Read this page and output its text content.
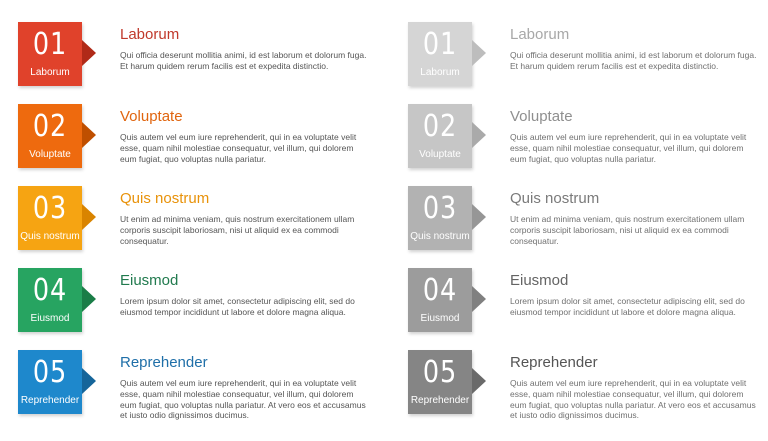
01
Laborum
Laborum
Qui officia deserunt mollitia animi, id est laborum et dolorum fuga. Et harum quidem rerum facilis est et expedita distinctio.
02
Voluptate
Voluptate
Quis autem vel eum iure reprehenderit, qui in ea voluptate velit esse, quam nihil molestiae consequatur, vel illum, qui dolorem eum fugiat, quo voluptas nulla pariatur.
03
Quis nostrum
Quis nostrum
Ut enim ad minima veniam, quis nostrum exercitationem ullam corporis suscipit laboriosam, nisi ut aliquid ex ea commodi consequatur.
04
Eiusmod
Eiusmod
Lorem ipsum dolor sit amet, consectetur adipiscing elit, sed do eiusmod tempor incididunt ut labore et dolore magna aliqua.
05
Reprehender
Reprehender
Quis autem vel eum iure reprehenderit, qui in ea voluptate velit esse, quam nihil molestiae consequatur, vel illum, qui dolorem eum fugiat, quo voluptas nulla pariatur. At vero eos et accusamus et iusto odio dignissimos ducimus.
01
Laborum
Laborum
Qui officia deserunt mollitia animi, id est laborum et dolorum fuga. Et harum quidem rerum facilis est et expedita distinctio.
02
Voluptate
Voluptate
Quis autem vel eum iure reprehenderit, qui in ea voluptate velit esse, quam nihil molestiae consequatur, vel illum, qui dolorem eum fugiat, quo voluptas nulla pariatur.
03
Quis nostrum
Quis nostrum
Ut enim ad minima veniam, quis nostrum exercitationem ullam corporis suscipit laboriosam, nisi ut aliquid ex ea commodi consequatur.
04
Eiusmod
Eiusmod
Lorem ipsum dolor sit amet, consectetur adipiscing elit, sed do eiusmod tempor incididunt ut labore et dolore magna aliqua.
05
Reprehender
Reprehender
Quis autem vel eum iure reprehenderit, qui in ea voluptate velit esse, quam nihil molestiae consequatur, vel illum, qui dolorem eum fugiat, quo voluptas nulla pariatur. At vero eos et accusamus et iusto odio dignissimos ducimus.
